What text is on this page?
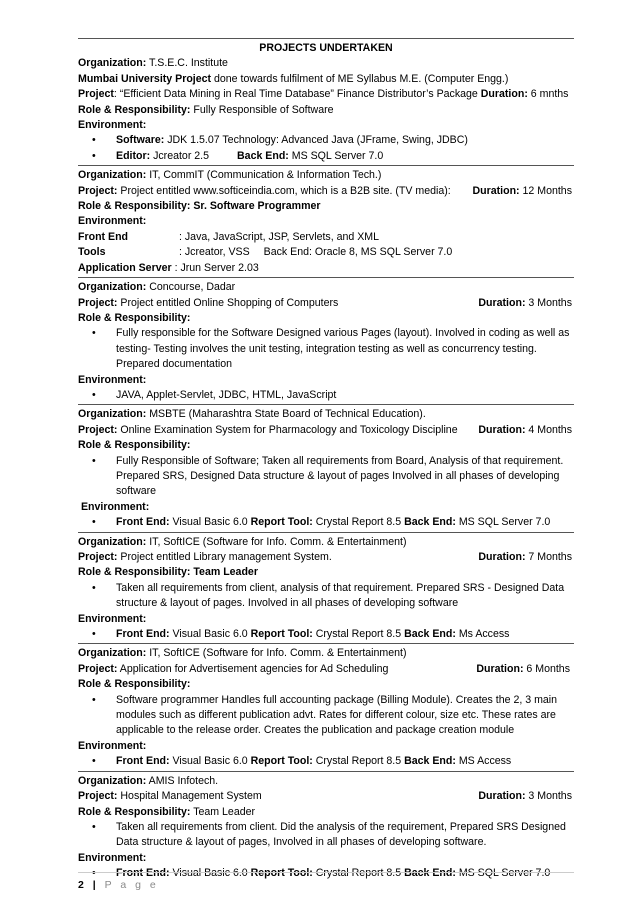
PROJECTS UNDERTAKEN
Organization: T.S.E.C. Institute
Mumbai University Project done towards fulfilment of ME Syllabus M.E. (Computer Engg.)
Project: “Efficient Data Mining in Real Time Database” Finance Distributor’s Package Duration: 6 mnths
Role & Responsibility: Fully Responsible of Software
Environment:
• Software: JDK 1.5.07 Technology: Advanced Java (JFrame, Swing, JDBC)
• Editor: Jcreator 2.5	Back End: MS SQL Server 7.0
Organization: IT, CommIT (Communication & Information Tech.)
Project: Project entitled www.softiceindia.com, which is a B2B site. (TV media): Duration: 12 Months
Role & Responsibility: Sr. Software Programmer
Environment:
Front End	: Java, JavaScript, JSP, Servlets, and XML
Tools	: Jcreator, VSS Back End: Oracle 8, MS SQL Server 7.0
Application Server : Jrun Server 2.03
Organization: Concourse, Dadar
Project: Project entitled Online Shopping of Computers	Duration: 3 Months
Role & Responsibility:
• Fully responsible for the Software Designed various Pages (layout). Involved in coding as well as testing- Testing involves the unit testing, integration testing as well as concurrency testing. Prepared documentation
Environment:
• JAVA, Applet-Servlet, JDBC, HTML, JavaScript
Organization: MSBTE (Maharashtra State Board of Technical Education).
Project: Online Examination System for Pharmacology and Toxicology Discipline Duration: 4 Months
Role & Responsibility:
• Fully Responsible of Software; Taken all requirements from Board, Analysis of that requirement. Prepared SRS, Designed Data structure & layout of pages Involved in all phases of developing software
Environment:
• Front End: Visual Basic 6.0 Report Tool: Crystal Report 8.5 Back End: MS SQL Server 7.0
Organization: IT, SoftICE (Software for Info. Comm. & Entertainment)
Project: Project entitled Library management System.	Duration: 7 Months
Role & Responsibility: Team Leader
• Taken all requirements from client, analysis of that requirement. Prepared SRS - Designed Data structure & layout of pages. Involved in all phases of developing software
Environment:
• Front End: Visual Basic 6.0 Report Tool: Crystal Report 8.5 Back End: Ms Access
Organization: IT, SoftICE (Software for Info. Comm. & Entertainment)
Project: Application for Advertisement agencies for Ad Scheduling	Duration: 6 Months
Role & Responsibility:
• Software programmer Handles full accounting package (Billing Module). Creates the 2, 3 main modules such as different publication advt. Rates for different colour, size etc. These rates are applicable to the release order. Creates the publication and package creation module
Environment:
• Front End: Visual Basic 6.0 Report Tool: Crystal Report 8.5 Back End: MS Access
Organization: AMIS Infotech.
Project: Hospital Management System	Duration: 3 Months
Role & Responsibility: Team Leader
• Taken all requirements from client. Did the analysis of the requirement, Prepared SRS Designed Data structure & layout of pages, Involved in all phases of developing software.
Environment:
• Front End: Visual Basic 6.0 Report Tool: Crystal Report 8.5 Back End: MS SQL Server 7.0
2 | P a g e
